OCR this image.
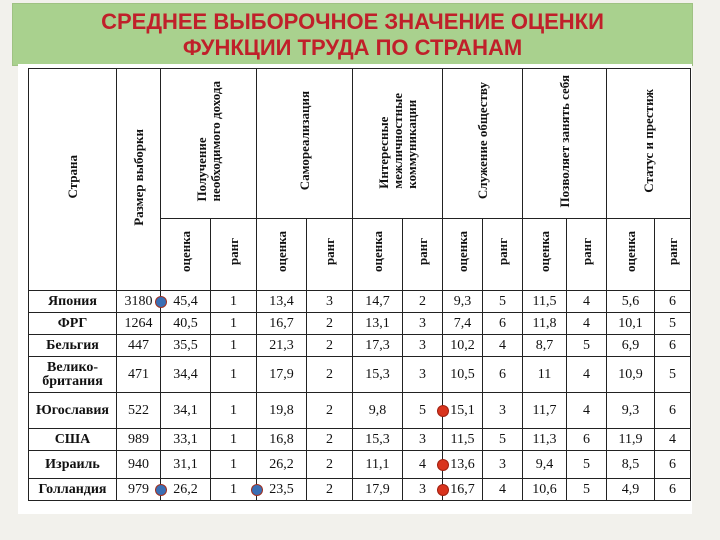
СРЕДНЕЕ ВЫБОРОЧНОЕ ЗНАЧЕНИЕ ОЦЕНКИ
ФУНКЦИИ ТРУДА ПО СТРАНАМ
Страна	Размер выборки	Получение
необходимого дохода		Самореализация		Интересные
межличностные
коммуникации		Служение обществу		Позволяет занять себя		Статус и престиж	
		оценка	ранг	оценка	ранг	оценка	ранг	оценка	ранг	оценка	ранг	оценка	ранг
Япония	3180	45,4	1	13,4	3	14,7	2	9,3	5	11,5	4	5,6	6
ФРГ	1264	40,5	1	16,7	2	13,1	3	7,4	6	11,8	4	10,1	5
Бельгия	447	35,5	1	21,3	2	17,3	3	10,2	4	8,7	5	6,9	6
Велико-
британия	471	34,4	1	17,9	2	15,3	3	10,5	6	11	4	10,9	5
Югославия	522	34,1	1	19,8	2	9,8	5	15,1	3	11,7	4	9,3	6
США	989	33,1	1	16,8	2	15,3	3	11,5	5	11,3	6	11,9	4
Израиль	940	31,1	1	26,2	2	11,1	4	13,6	3	9,4	5	8,5	6
Голландия	979	26,2	1	23,5	2	17,9	3	16,7	4	10,6	5	4,9	6
